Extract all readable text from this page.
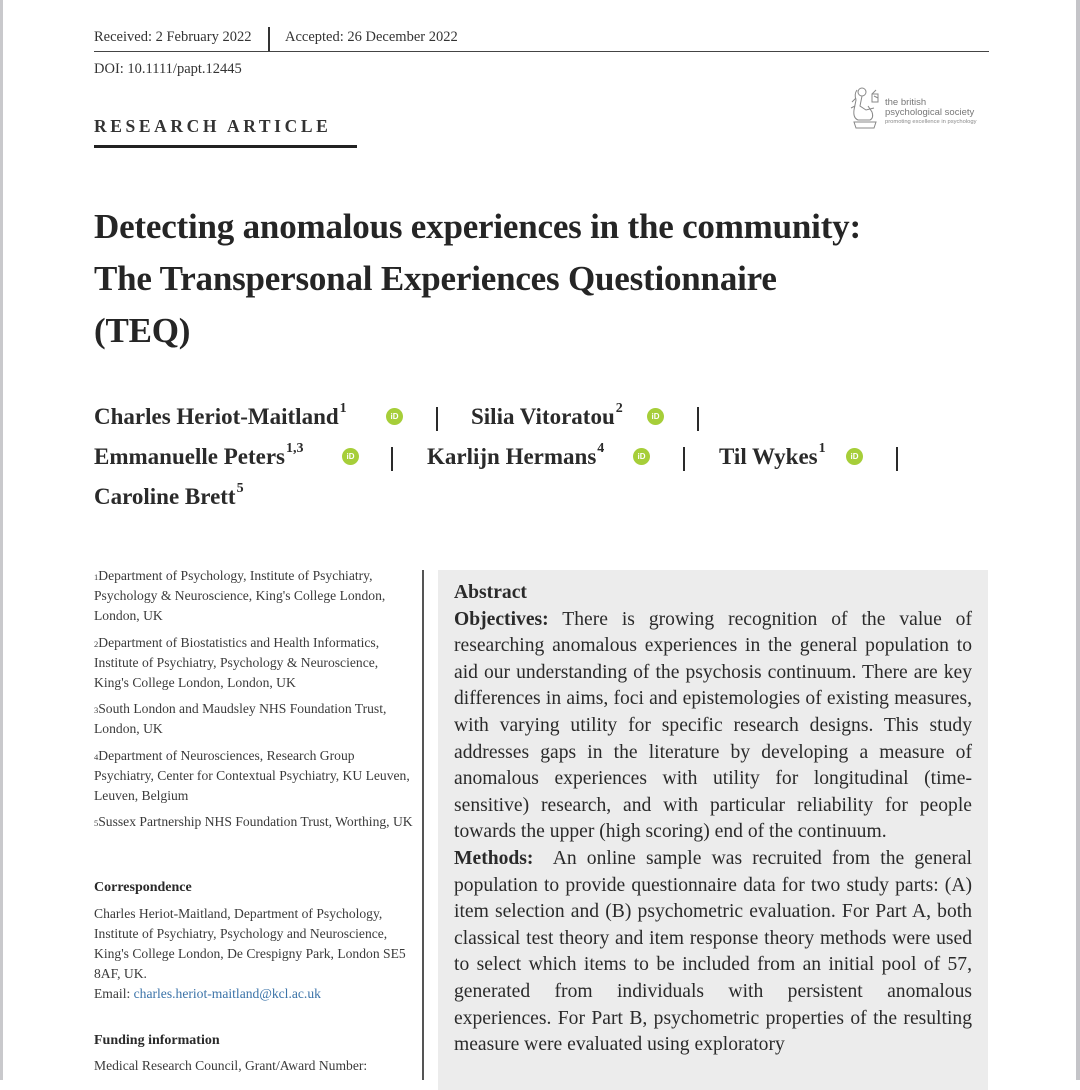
Received: 2 February 2022 Accepted: 26 December 2022
DOI: 10.1111/papt.12445
RESEARCH ARTICLE
the british
psychological society
promoting excellence in psychology
Detecting anomalous experiences in the community:
The Transpersonal Experiences Questionnaire
(TEQ)
Charles Heriot-Maitland$^1$
iD	Silia Vitoratou$^2$
iD
Emmanuelle Peters$^{1,3}$
iD	Karlijn Hermans$^4$
iD	Til Wykes$^1$
iD
Caroline Brett$^5$
$^1$Department of Psychology, Institute of Psychiatry, Psychology & Neuroscience, King's College London, London, UK
$^2$Department of Biostatistics and Health Informatics, Institute of Psychiatry, Psychology & Neuroscience, King's College London, London, UK
$^3$South London and Maudsley NHS Foundation Trust, London, UK
$^4$Department of Neurosciences, Research Group Psychiatry, Center for Contextual Psychiatry, KU Leuven, Leuven, Belgium
$^5$Sussex Partnership NHS Foundation Trust, Worthing, UK
Correspondence
Charles Heriot-Maitland, Department of Psychology, Institute of Psychiatry, Psychology and Neuroscience, King's College London, De Crespigny Park, London SE5 8AF, UK.
Email: charles.heriot-maitland@kcl.ac.uk
Funding information
Medical Research Council, Grant/Award Number:
Abstract

Objectives: There is growing recognition of the value of researching anomalous experiences in the general population to aid our understanding of the psychosis continuum. There are key differences in aims, foci and epistemologies of existing measures, with varying utility for specific research designs. This study addresses gaps in the literature by developing a measure of anomalous experiences with utility for longitudinal (time-sensitive) research, and with particular reliability for people towards the upper (high scoring) end of the continuum.

Methods: An online sample was recruited from the general population to provide questionnaire data for two study parts: (A) item selection and (B) psychometric evaluation. For Part A, both classical test theory and item response theory methods were used to select which items to be included from an initial pool of 57, generated from individuals with persistent anomalous experiences. For Part B, psychometric properties of the resulting measure were evaluated using exploratory
